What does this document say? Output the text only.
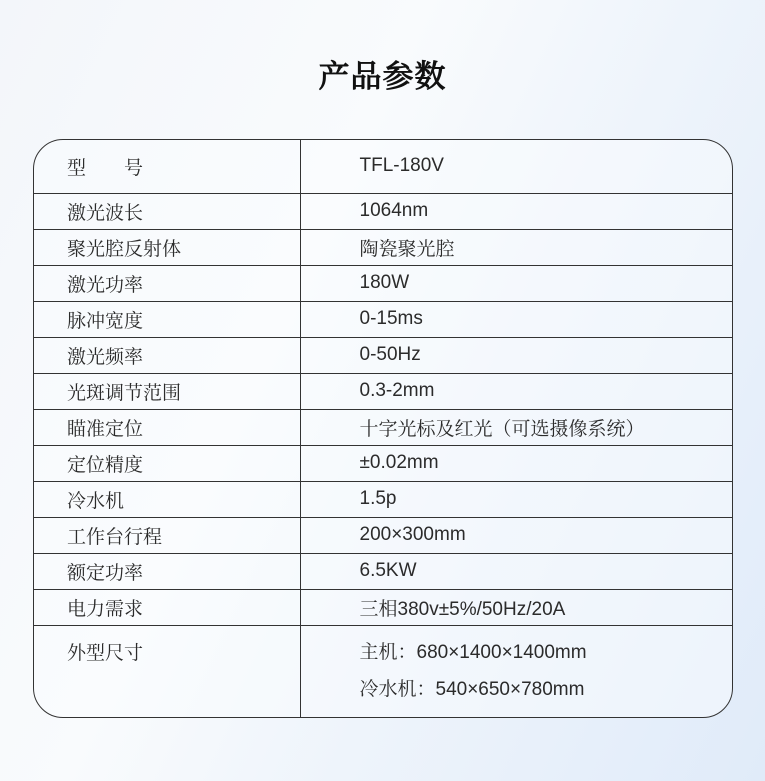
产品参数
型　　号	TFL-180V
激光波长	1064nm
聚光腔反射体	陶瓷聚光腔
激光功率	180W
脉冲宽度	0-15ms
激光频率	0-50Hz
光斑调节范围	0.3-2mm
瞄准定位	十字光标及红光（可选摄像系统）
定位精度	±0.02mm
冷水机	1.5p
工作台行程	200×300mm
额定功率	6.5KW
电力需求	三相380v±5%/50Hz/20A
外型尺寸	主机：680×1400×1400mm
冷水机：540×650×780mm
